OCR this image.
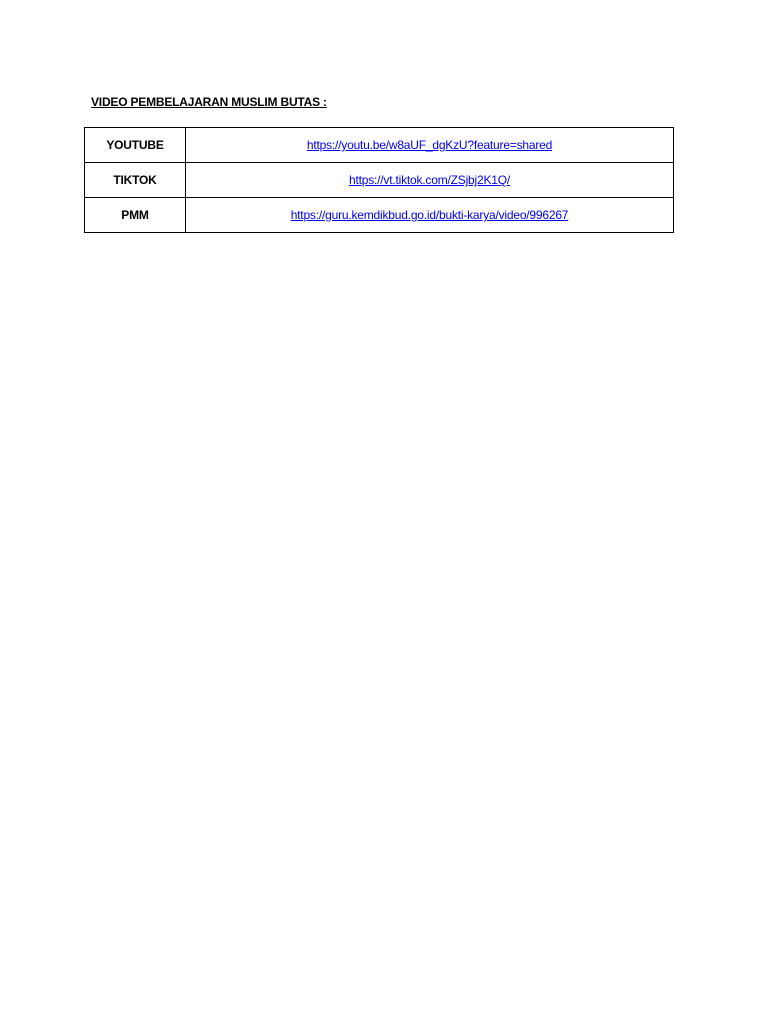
VIDEO PEMBELAJARAN MUSLIM BUTAS :
YOUTUBE	https://youtu.be/w8aUF_dgKzU?feature=shared
TIKTOK	https://vt.tiktok.com/ZSjbj2K1Q/
PMM	https://guru.kemdikbud.go.id/bukti-karya/video/996267
